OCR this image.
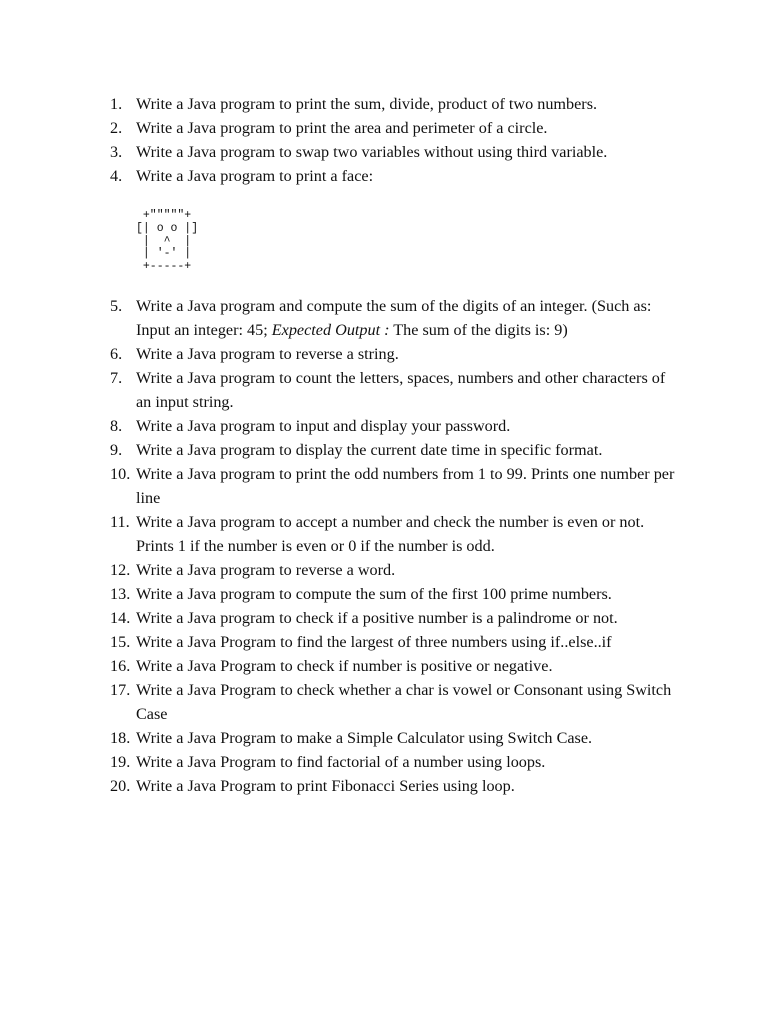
1. Write a Java program to print the sum, divide, product of two numbers.
2. Write a Java program to print the area and perimeter of a circle.
3. Write a Java program to swap two variables without using third variable.
4. Write a Java program to print a face:
+"""""+
[| o o |]
|  ^  |
| '-' |
+-----+
5. Write a Java program and compute the sum of the digits of an integer. (Such as: Input an integer: 45; Expected Output : The sum of the digits is: 9)
6. Write a Java program to reverse a string.
7. Write a Java program to count the letters, spaces, numbers and other characters of an input string.
8. Write a Java program to input and display your password.
9. Write a Java program to display the current date time in specific format.
10. Write a Java program to print the odd numbers from 1 to 99. Prints one number per line
11. Write a Java program to accept a number and check the number is even or not. Prints 1 if the number is even or 0 if the number is odd.
12. Write a Java program to reverse a word.
13. Write a Java program to compute the sum of the first 100 prime numbers.
14. Write a Java program to check if a positive number is a palindrome or not.
15. Write a Java Program to find the largest of three numbers using if..else..if
16. Write a Java Program to check if number is positive or negative.
17. Write a Java Program to check whether a char is vowel or Consonant using Switch Case
18. Write a Java Program to make a Simple Calculator using Switch Case.
19. Write a Java Program to find factorial of a number using loops.
20. Write a Java Program to print Fibonacci Series using loop.
